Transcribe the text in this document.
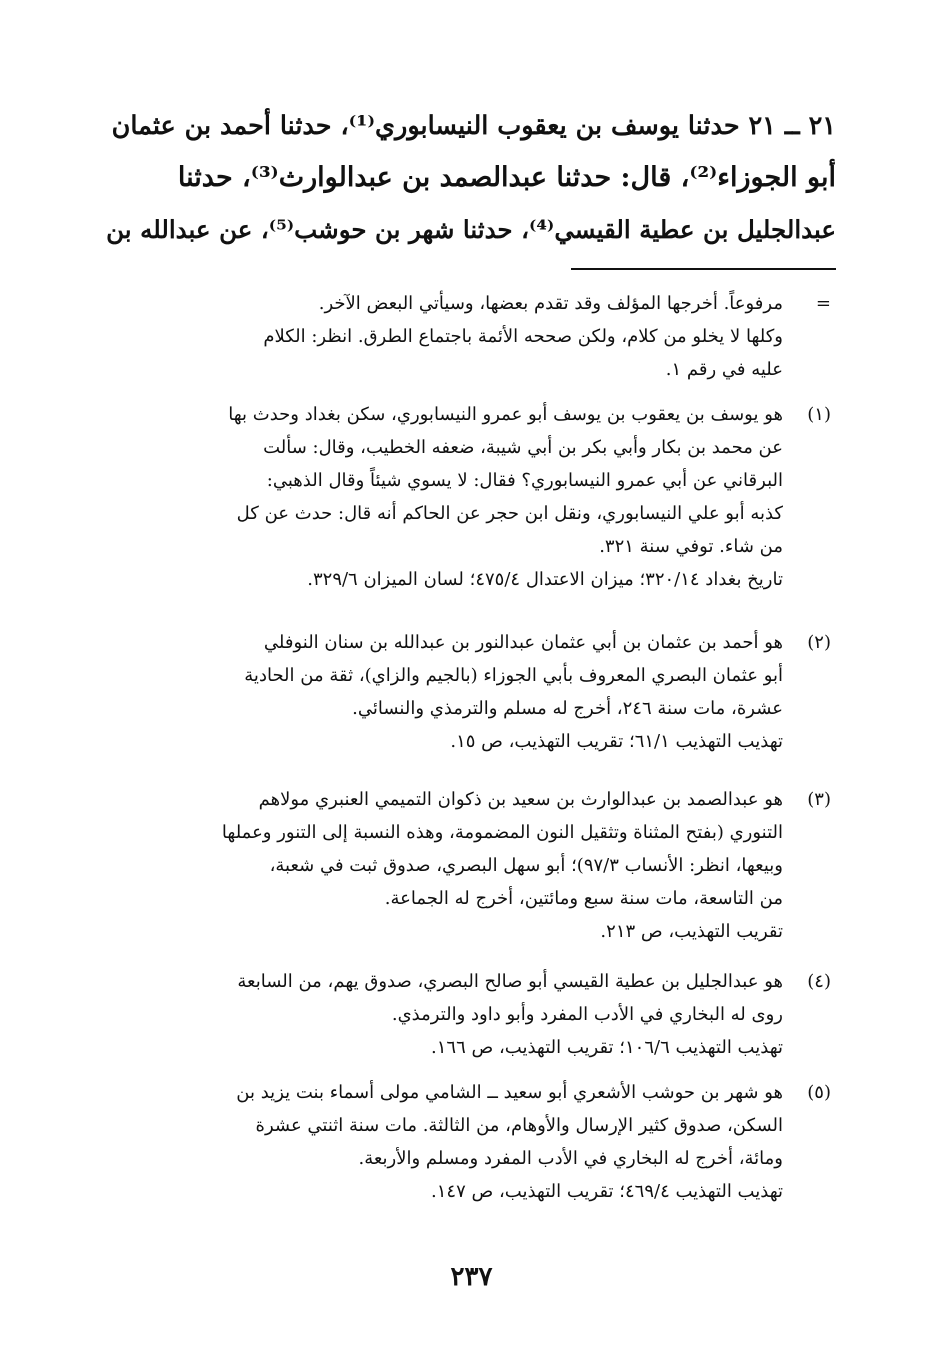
٢١ ــ ٢١ حدثنا يوسف بن يعقوب النيسابوري⁽¹⁾، حدثنا أحمد بن عثمان

أبو الجوزاء⁽²⁾، قال: حدثنا عبدالصمد بن عبدالوارث⁽³⁾، حدثنا

عبدالجليل بن عطية القيسي⁽⁴⁾، حدثنا شهر بن حوشب⁽⁵⁾، عن عبدالله بن

=

مرفوعاً. أخرجها المؤلف وقد تقدم بعضها، وسيأتي البعض الآخر.

وكلها لا يخلو من كلام، ولكن صححه الأئمة باجتماع الطرق. انظر: الكلام

عليه في رقم ١.

(١)

هو يوسف بن يعقوب بن يوسف أبو عمرو النيسابوري، سكن بغداد وحدث بها

عن محمد بن بكار وأبي بكر بن أبي شيبة، ضعفه الخطيب، وقال: سألت

البرقاني عن أبي عمرو النيسابوري؟ فقال: لا يسوي شيئاً وقال الذهبي:

كذبه أبو علي النيسابوري، ونقل ابن حجر عن الحاكم أنه قال: حدث عن كل

من شاء. توفي سنة ٣٢١.

تاريخ بغداد ٣٢٠/١٤؛ ميزان الاعتدال ٤٧٥/٤؛ لسان الميزان ٣٢٩/٦.

(٢)

هو أحمد بن عثمان بن أبي عثمان عبدالنور بن عبدالله بن سنان النوفلي

أبو عثمان البصري المعروف بأبي الجوزاء (بالجيم والزاي)، ثقة من الحادية

عشرة، مات سنة ٢٤٦، أخرج له مسلم والترمذي والنسائي.

تهذيب التهذيب ٦١/١؛ تقريب التهذيب، ص ١٥.

(٣)

هو عبدالصمد بن عبدالوارث بن سعيد بن ذكوان التميمي العنبري مولاهم

التنوري (بفتح المثناة وتثقيل النون المضمومة، وهذه النسبة إلى التنور وعملها

وبيعها، انظر: الأنساب ٩٧/٣)؛ أبو سهل البصري، صدوق ثبت في شعبة،

من التاسعة، مات سنة سبع ومائتين، أخرج له الجماعة.

تقريب التهذيب، ص ٢١٣.

(٤)

هو عبدالجليل بن عطية القيسي أبو صالح البصري، صدوق يهم، من السابعة

روى له البخاري في الأدب المفرد وأبو داود والترمذي.

تهذيب التهذيب ١٠٦/٦؛ تقريب التهذيب، ص ١٦٦.

(٥)

هو شهر بن حوشب الأشعري أبو سعيد ــ الشامي مولى أسماء بنت يزيد بن

السكن، صدوق كثير الإرسال والأوهام، من الثالثة. مات سنة اثنتي عشرة

ومائة، أخرج له البخاري في الأدب المفرد ومسلم والأربعة.

تهذيب التهذيب ٤٦٩/٤؛ تقريب التهذيب، ص ١٤٧.

٢٣٧
